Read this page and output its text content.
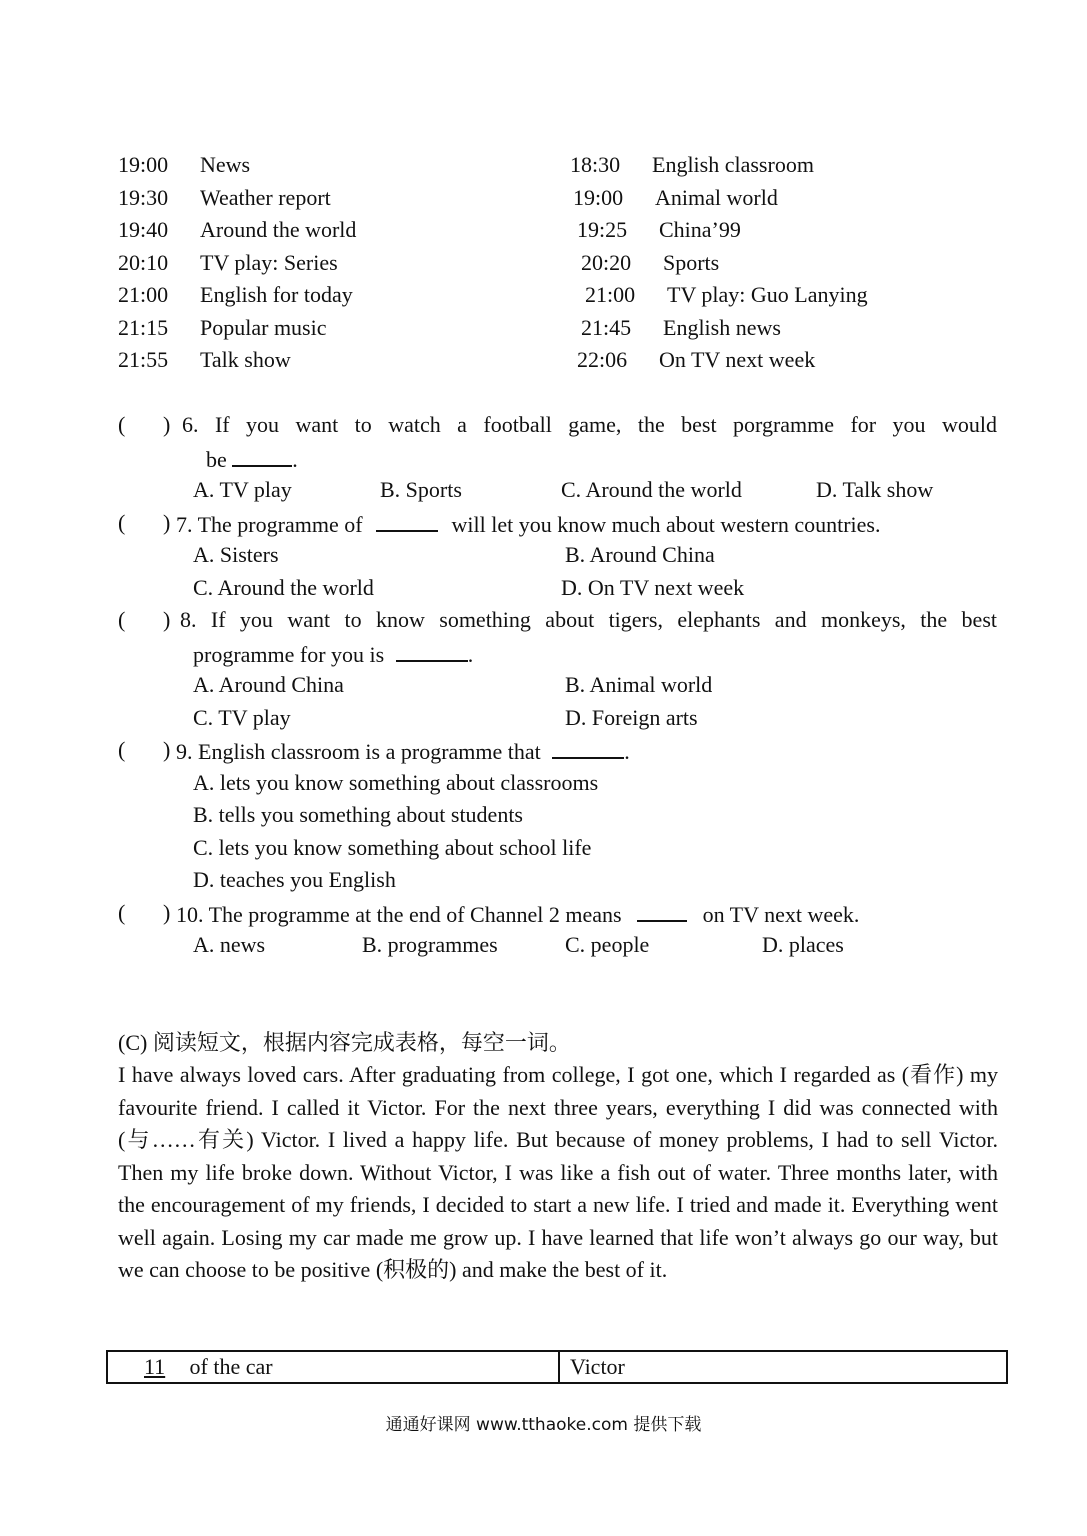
19:00 News
19:30 Weather report
19:40 Around the world
20:10 TV play: Series
21:00 English for today
21:15 Popular music
21:55 Talk show
18:30 English classroom
19:00 Animal world
19:25 China’99
20:20 Sports
21:00 TV play: Guo Lanying
21:45 English news
22:06 On TV next week
( ) 6. If you want to watch a football game, the best porgramme for you would
be	.
A. TV play	B. Sports	C. Around the world	D. Talk show
( ) 7. The programme of	will let you know much about western countries.
A. Sisters	B. Around China
C. Around the world	D. On TV next week
( ) 8. If you want to know something about tigers, elephants and monkeys, the best
programme for you is	.
A. Around China	B. Animal world
C. TV play	D. Foreign arts
( ) 9. English classroom is a programme that	.
A. lets you know something about classrooms
B. tells you something about students
C. lets you know something about school life
D. teaches you English
( ) 10. The programme at the end of Channel 2 means	on TV next week.
A. news	B. programmes	C. people	D. places
(C) 阅读短文，根据内容完成表格，每空一词。
I have always loved cars. After graduating from college, I got one, which I regarded as (看作) my favourite friend. I called it Victor. For the next three years, everything I did was connected with (与……有关) Victor. I lived a happy life. But because of money problems, I had to sell Victor. Then my life broke down. Without Victor, I was like a fish out of water. Three months later, with the encouragement of my friends, I decided to start a new life. I tried and made it. Everything went well again. Losing my car made me grow up. I have learned that life won’t always go our way, but we can choose to be positive (积极的) and make the best of it.
11 of the car	Victor
通通好课网 www.tthaoke.com 提供下载
